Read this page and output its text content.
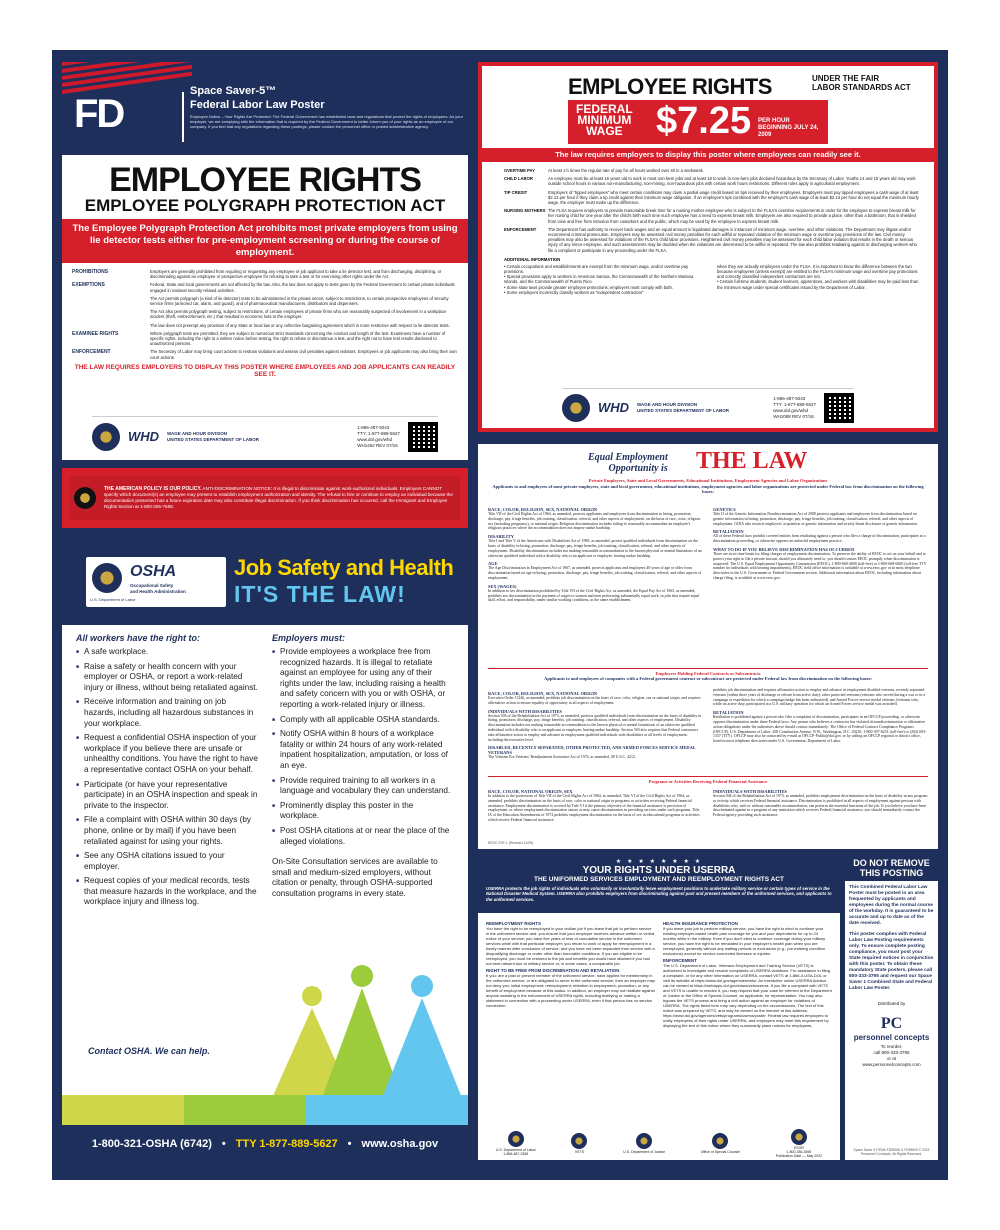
FD
Space Saver-5™
Federal Labor Law Poster
Employee Notice – Your Rights Are Protected: The Federal Government has established laws and regulations that protect the rights of employees. As your employer, we are complying with the information that is required by the Federal Government to better inform you of your rights as an employee of our company. If you feel that any regulations regarding these postings, please contact the personnel office or posted administrative agency.
EMPLOYEE RIGHTS
EMPLOYEE POLYGRAPH PROTECTION ACT
The Employee Polygraph Protection Act prohibits most private employers from using lie detector tests either for pre-employment screening or during the course of employment.
PROHIBITIONS	Employers are generally prohibited from requiring or requesting any employee or job applicant to take a lie detector test, and from discharging, disciplining, or discriminating against an employee or prospective employee for refusing to take a test or for exercising other rights under the Act.
EXEMPTIONS	Federal, State and local governments are not affected by the law. Also, the law does not apply to tests given by the Federal Government to certain private individuals engaged in national security-related activities.
The Act permits polygraph (a kind of lie detector) tests to be administered in the private sector, subject to restrictions, to certain prospective employees of security service firms (armored car, alarm, and guard), and of pharmaceutical manufacturers, distributors and dispensers.
The Act also permits polygraph testing, subject to restrictions, of certain employees of private firms who are reasonably suspected of involvement in a workplace incident (theft, embezzlement, etc.) that resulted in economic loss to the employer.
The law does not preempt any provision of any State or local law or any collective bargaining agreement which is more restrictive with respect to lie detector tests.
EXAMINEE RIGHTS	Where polygraph tests are permitted, they are subject to numerous strict standards concerning the conduct and length of the test. Examinees have a number of specific rights, including the right to a written notice before testing, the right to refuse or discontinue a test, and the right not to have test results disclosed to unauthorized persons.
ENFORCEMENT	The Secretary of Labor may bring court actions to restrain violations and assess civil penalties against violators. Employees or job applicants may also bring their own court actions.
THE LAW REQUIRES EMPLOYERS TO DISPLAY THIS POSTER WHERE EMPLOYEES AND JOB APPLICANTS CAN READILY SEE IT.
WHD WAGE AND HOUR DIVISION
UNITED STATES DEPARTMENT OF LABOR
1-866-487-9243
TTY: 1-877-889-5627
www.dol.gov/whd
WH1462 REV 07/16
THE AMERICAN POLICY IS OUR POLICY. ANTI-DISCRIMINATION NOTICE: It is illegal to discriminate against work-authorized individuals. Employers CANNOT specify which document(s) an employee may present to establish employment authorization and identity. The refusal to hire or continue to employ an individual because the documentation presented has a future expiration date may also constitute illegal discrimination. If you think discrimination has occurred, call the Immigrant and Employee Rights Section at 1-800-255-7688.
OSHA
Occupational Safety
and Health Administration
U.S. Department of Labor
Job Safety and Health
IT'S THE LAW!
All workers have the right to:
■ A safe workplace.
■ Raise a safety or health concern with your employer or OSHA, or report a work-related injury or illness, without being retaliated against.
■ Receive information and training on job hazards, including all hazardous substances in your workplace.
■ Request a confidential OSHA inspection of your workplace if you believe there are unsafe or unhealthy conditions. You have the right to have a representative contact OSHA on your behalf.
■ Participate (or have your representative participate) in an OSHA inspection and speak in private to the inspector.
■ File a complaint with OSHA within 30 days (by phone, online or by mail) if you have been retaliated against for using your rights.
■ See any OSHA citations issued to your employer.
■ Request copies of your medical records, tests that measure hazards in the workplace, and the workplace injury and illness log.
Employers must:
■ Provide employees a workplace free from recognized hazards. It is illegal to retaliate against an employee for using any of their rights under the law, including raising a health and safety concern with you or with OSHA, or reporting a work-related injury or illness.
■ Comply with all applicable OSHA standards.
■ Notify OSHA within 8 hours of a workplace fatality or within 24 hours of any work-related inpatient hospitalization, amputation, or loss of an eye.
■ Provide required training to all workers in a language and vocabulary they can understand.
■ Prominently display this poster in the workplace.
■ Post OSHA citations at or near the place of the alleged violations.
On-Site Consultation services are available to small and medium-sized employers, without citation or penalty, through OSHA-supported consultation programs in every state.
Contact OSHA. We can help.
1-800-321-OSHA (6742) • TTY 1-877-889-5627 • www.osha.gov
EMPLOYEE RIGHTS	UNDER THE FAIR
LABOR STANDARDS ACT
FEDERAL
MINIMUM
WAGE $7.25 PER HOUR
BEGINNING JULY 24, 2009
The law requires employers to display this poster where employees can readily see it.
OVERTIME PAY	At least 1½ times the regular rate of pay for all hours worked over 40 in a workweek.
CHILD LABOR	An employee must be at least 16 years old to work in most non-farm jobs and at least 18 to work in non-farm jobs declared hazardous by the Secretary of Labor. Youths 14 and 15 years old may work outside school hours in various non-manufacturing, non-mining, non-hazardous jobs with certain work hours restrictions. Different rules apply in agricultural employment.
TIP CREDIT	Employers of “tipped employees” who meet certain conditions may claim a partial wage credit based on tips received by their employees. Employers must pay tipped employees a cash wage of at least $2.13 per hour if they claim a tip credit against their minimum wage obligation. If an employee's tips combined with the employer's cash wage of at least $2.13 per hour do not equal the minimum hourly wage, the employer must make up the difference.
NURSING MOTHERS The FLSA requires employers to provide reasonable break time for a nursing mother employee who is subject to the FLSA's overtime requirements in order for the employee to express breast milk for her nursing child for one year after the child's birth each time such employee has a need to express breast milk. Employers are also required to provide a place, other than a bathroom, that is shielded from view and free from intrusion from coworkers and the public, which may be used by the employee to express breast milk.
ENFORCEMENT	The Department has authority to recover back wages and an equal amount in liquidated damages in instances of minimum wage, overtime, and other violations. The Department may litigate and/or recommend criminal prosecution. Employers may be assessed civil money penalties for each willful or repeated violation of the minimum wage or overtime pay provisions of the law. Civil money penalties may also be assessed for violations of the FLSA's child labor provisions. Heightened civil money penalties may be assessed for each child labor violation that results in the death or serious injury of any minor employee, and such assessments may be doubled when the violations are determined to be willful or repeated. The law also prohibits retaliating against or discharging workers who file a complaint or participate in any proceeding under the FLSA.
ADDITIONAL INFORMATION

• Certain occupations and establishments are exempt from the minimum wage, and/or overtime pay provisions.

• Special provisions apply to workers in American Samoa, the Commonwealth of the Northern Mariana Islands, and the Commonwealth of Puerto Rico.

• Some state laws provide greater employee protections; employers must comply with both.

• Some employers incorrectly classify workers as “independent contractors”

when they are actually employees under the FLSA. It is important to know the difference between the two because employees (unless exempt) are entitled to the FLSA's minimum wage and overtime pay protections and correctly classified independent contractors are not.

• Certain full-time students, student learners, apprentices, and workers with disabilities may be paid less than the minimum wage under special certificates issued by the Department of Labor.

WHD WAGE AND HOUR DIVISION
UNITED STATES DEPARTMENT OF LABOR
1-866-487-9243
TTY: 1-877-889-5627
www.dol.gov/whd
WH1088 REV 07/16
Equal Employment
Opportunity is THE LAW
Private Employers, State and Local Governments, Educational Institutions, Employment Agencies and Labor Organizations
Applicants to and employees of most private employers, state and local government, educational institutions, employment agencies and labor organizations are protected under Federal law from discrimination on the following bases:
RACE, COLOR, RELIGION, SEX, NATIONAL ORIGIN
Title VII of the Civil Rights Act of 1964, as amended, protects applicants and employees from discrimination in hiring, promotion, discharge, pay, fringe benefits, job training, classification, referral, and other aspects of employment, on the basis of race, color, religion, sex (including pregnancy), or national origin. Religious discrimination includes failing to reasonably accommodate an employee's religious practices where the accommodation does not impose undue hardship.
DISABILITY
Title I and Title V of the Americans with Disabilities Act of 1990, as amended, protect qualified individuals from discrimination on the basis of disability in hiring, promotion, discharge, pay, fringe benefits, job training, classification, referral, and other aspects of employment. Disability discrimination includes not making reasonable accommodation to the known physical or mental limitations of an otherwise qualified individual with a disability who is an applicant or employee, barring undue hardship.
AGE
The Age Discrimination in Employment Act of 1967, as amended, protects applicants and employees 40 years of age or older from discrimination based on age in hiring, promotion, discharge, pay, fringe benefits, job training, classification, referral, and other aspects of employment.
SEX (WAGES)
In addition to sex discrimination prohibited by Title VII of the Civil Rights Act, as amended, the Equal Pay Act of 1963, as amended, prohibits sex discrimination in the payment of wages to women and men performing substantially equal work, in jobs that require equal skill, effort, and responsibility, under similar working conditions, in the same establishment.
GENETICS
Title II of the Genetic Information Nondiscrimination Act of 2008 protects applicants and employees from discrimination based on genetic information in hiring, promotion, discharge, pay, fringe benefits, job training, classification, referral, and other aspects of employment. GINA also restricts employers' acquisition of genetic information and strictly limits disclosure of genetic information.
RETALIATION
All of these Federal laws prohibit covered entities from retaliating against a person who files a charge of discrimination, participates in a discrimination proceeding, or otherwise opposes an unlawful employment practice.
WHAT TO DO IF YOU BELIEVE DISCRIMINATION HAS OCCURRED
There are strict time limits for filing charges of employment discrimination. To preserve the ability of EEOC to act on your behalf and to protect your right to file a private lawsuit, should you ultimately need to, you should contact EEOC promptly when discrimination is suspected: The U.S. Equal Employment Opportunity Commission (EEOC), 1-800-669-4000 (toll-free) or 1-800-669-6820 (toll-free TTY number for individuals with hearing impairments). EEOC field office information is available at www.eeoc.gov or in most telephone directories in the U.S. Government or Federal Government section. Additional information about EEOC, including information about charge filing, is available at www.eeoc.gov.
Employers Holding Federal Contracts or Subcontracts
Applicants to and employees of companies with a Federal government contract or subcontract are protected under Federal law from discrimination on the following bases:
RACE, COLOR, RELIGION, SEX, NATIONAL ORIGIN
Executive Order 11246, as amended, prohibits job discrimination on the basis of race, color, religion, sex or national origin, and requires affirmative action to ensure equality of opportunity in all aspects of employment.
INDIVIDUALS WITH DISABILITIES
Section 503 of the Rehabilitation Act of 1973, as amended, protects qualified individuals from discrimination on the basis of disability in hiring, promotion, discharge, pay, fringe benefits, job training, classification, referral, and other aspects of employment. Disability discrimination includes not making reasonable accommodation to the known physical or mental limitations of an otherwise qualified individual with a disability who is an applicant or employee, barring undue hardship. Section 503 also requires that Federal contractors take affirmative action to employ and advance in employment qualified individuals with disabilities at all levels of employment, including the executive level.
DISABLED, RECENTLY SEPARATED, OTHER PROTECTED, AND ARMED FORCES SERVICE MEDAL VETERANS
The Vietnam Era Veterans' Readjustment Assistance Act of 1974, as amended, 38 U.S.C. 4212,
prohibits job discrimination and requires affirmative action to employ and advance in employment disabled veterans, recently separated veterans (within three years of discharge or release from active duty), other protected veterans (veterans who served during a war or in a campaign or expedition for which a campaign badge has been authorized), and Armed Forces service medal veterans (veterans who, while on active duty, participated in a U.S. military operation for which an Armed Forces service medal was awarded).
RETALIATION
Retaliation is prohibited against a person who files a complaint of discrimination, participates in an OFCCP proceeding, or otherwise opposes discrimination under these Federal laws. Any person who believes a contractor has violated its nondiscrimination or affirmative action obligations under the authorities above should contact immediately: The Office of Federal Contract Compliance Programs (OFCCP), U.S. Department of Labor, 200 Constitution Avenue, N.W., Washington, D.C. 20210, 1-800-397-6251 (toll-free) or (202) 693-1337 (TTY). OFCCP may also be contacted by e-mail at OFCCP-Public@dol.gov, or by calling an OFCCP regional or district office, listed in most telephone directories under U.S. Government, Department of Labor.
Programs or Activities Receiving Federal Financial Assistance
RACE, COLOR, NATIONAL ORIGIN, SEX
In addition to the protections of Title VII of the Civil Rights Act of 1964, as amended, Title VI of the Civil Rights Act of 1964, as amended, prohibits discrimination on the basis of race, color or national origin in programs or activities receiving Federal financial assistance. Employment discrimination is covered by Title VI if the primary objective of the financial assistance is provision of employment, or where employment discrimination causes or may cause discrimination in providing services under such programs. Title IX of the Education Amendments of 1972 prohibits employment discrimination on the basis of sex in educational programs or activities which receive Federal financial assistance.
INDIVIDUALS WITH DISABILITIES
Section 504 of the Rehabilitation Act of 1973, as amended, prohibits employment discrimination on the basis of disability in any program or activity which receives Federal financial assistance. Discrimination is prohibited in all aspects of employment against persons with disabilities who, with or without reasonable accommodation, can perform the essential functions of the job. If you believe you have been discriminated against in a program of any institution which receives Federal financial assistance, you should immediately contact the Federal agency providing such assistance.
EEOC-P/E-1 (Revised 11/09)
★ ★ ★ ★ ★ ★ ★ ★
YOUR RIGHTS UNDER USERRA
THE UNIFORMED SERVICES EMPLOYMENT AND REEMPLOYMENT RIGHTS ACT
USERRA protects the job rights of individuals who voluntarily or involuntarily leave employment positions to undertake military service or certain types of service in the National Disaster Medical System. USERRA also prohibits employers from discriminating against past and present members of the uniformed services, and applicants to the uniformed services.
REEMPLOYMENT RIGHTS
You have the right to be reemployed in your civilian job if you leave that job to perform service in the uniformed service and: you ensure that your employer receives advance written or verbal notice of your service; you have five years or less of cumulative service in the uniformed services while with that particular employer; you return to work or apply for reemployment in a timely manner after conclusion of service; and you have not been separated from service with a disqualifying discharge or under other than honorable conditions. If you are eligible to be reemployed, you must be restored to the job and benefits you would have attained if you had not been absent due to military service or, in some cases, a comparable job.
RIGHT TO BE FREE FROM DISCRIMINATION AND RETALIATION
If you: are a past or present member of the uniformed service; have applied for membership in the uniformed service; or are obligated to serve in the uniformed service; then an employer may not deny you: initial employment; reemployment; retention in employment; promotion; or any benefit of employment because of this status. In addition, an employer may not retaliate against anyone assisting in the enforcement of USERRA rights, including testifying or making a statement in connection with a proceeding under USERRA, even if that person has no service connection.
HEALTH INSURANCE PROTECTION
If you leave your job to perform military service, you have the right to elect to continue your existing employer-based health plan coverage for you and your dependents for up to 24 months while in the military. Even if you don't elect to continue coverage during your military service, you have the right to be reinstated in your employer's health plan when you are reemployed, generally without any waiting periods or exclusions (e.g., pre-existing condition exclusions) except for service-connected illnesses or injuries.
ENFORCEMENT
The U.S. Department of Labor, Veterans Employment and Training Service (VETS) is authorized to investigate and resolve complaints of USERRA violations. For assistance in filing a complaint, or for any other information on USERRA, contact VETS at 1-866-4-USA-DOL or visit its website at https://www.dol.gov/agencies/vets/. An interactive online USERRA Advisor can be viewed at https://webapps.dol.gov/elaws/vets/userra. If you file a complaint with VETS and VETS is unable to resolve it, you may request that your case be referred to the Department of Justice or the Office of Special Counsel, as applicable, for representation. You may also bypass the VETS process and bring a civil action against an employer for violations of USERRA. The rights listed here may vary depending on the circumstances. The text of this notice was prepared by VETS, and may be viewed on the Internet at this address: https://www.dol.gov/agencies/vets/programs/userra/poster. Federal law requires employers to notify employees of their rights under USERRA, and employers may meet this requirement by displaying the text of this notice where they customarily place notices for employees.
U.S. Department of Labor
1-866-487-2365	VETS	U.S. Department of Justice	Office of Special Counsel
ESGR
1-800-336-4590
Publication Date — May 2022
DO NOT REMOVE THIS POSTING

This Combined Federal Labor Law Poster must be posted in an area frequented by applicants and employees during the normal course of the workday. It is guaranteed to be accurate and up to date as of the date received.

This poster complies with Federal Labor Law Posting requirements only. To ensure complete posting compliance, you must post your State required notices in conjunction with this poster. To obtain these mandatory State posters, please call 800-333-3795 and request our Space Saver 1 Combined State and Federal Labor Law Poster.

Distributed by
PC
personnel concepts
To reorder,
call 800-333-3795
or at
www.personnelconcepts.com
Space Saver 5 ITEM# FD55000 & FD59000 © 2022 Personnel Concepts. All Rights Reserved.
